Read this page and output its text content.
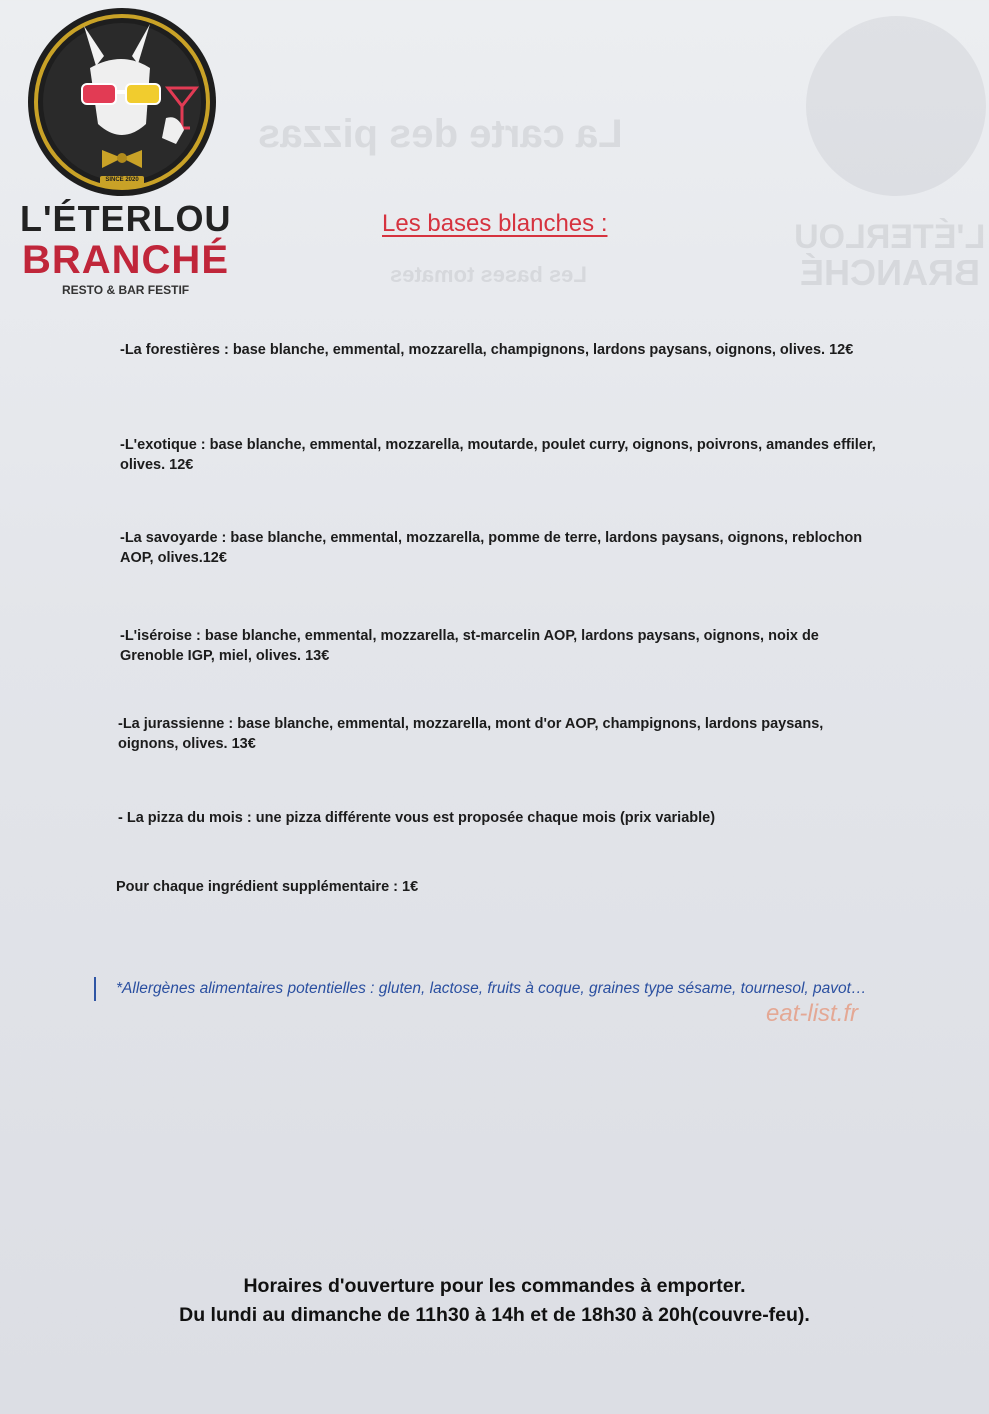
La carte des pizzas
Les bases tomates
L'ÉTERLOU
BRANCHÉ
SINCE 2020
L'ÉTERLOU
BRANCHÉ
RESTO & BAR FESTIF
Les bases blanches :
-La forestières : base blanche, emmental, mozzarella, champignons, lardons paysans, oignons, olives. 12€
-L'exotique : base blanche, emmental, mozzarella, moutarde, poulet curry, oignons, poivrons, amandes effiler, olives. 12€
-La savoyarde : base blanche, emmental, mozzarella, pomme de terre, lardons paysans, oignons, reblochon AOP, olives.12€
-L'iséroise : base blanche, emmental, mozzarella, st-marcelin AOP, lardons paysans, oignons, noix de Grenoble IGP, miel, olives. 13€
-La jurassienne : base blanche, emmental, mozzarella, mont d'or AOP, champignons, lardons paysans, oignons, olives. 13€
- La pizza du mois : une pizza différente vous est proposée chaque mois (prix variable)
Pour chaque ingrédient supplémentaire : 1€
*Allergènes alimentaires potentielles : gluten, lactose, fruits à coque, graines type sésame, tournesol, pavot…
eat-list.fr
Horaires d'ouverture pour les commandes à emporter.
Du lundi au dimanche de 11h30 à 14h et de 18h30 à 20h(couvre-feu).
